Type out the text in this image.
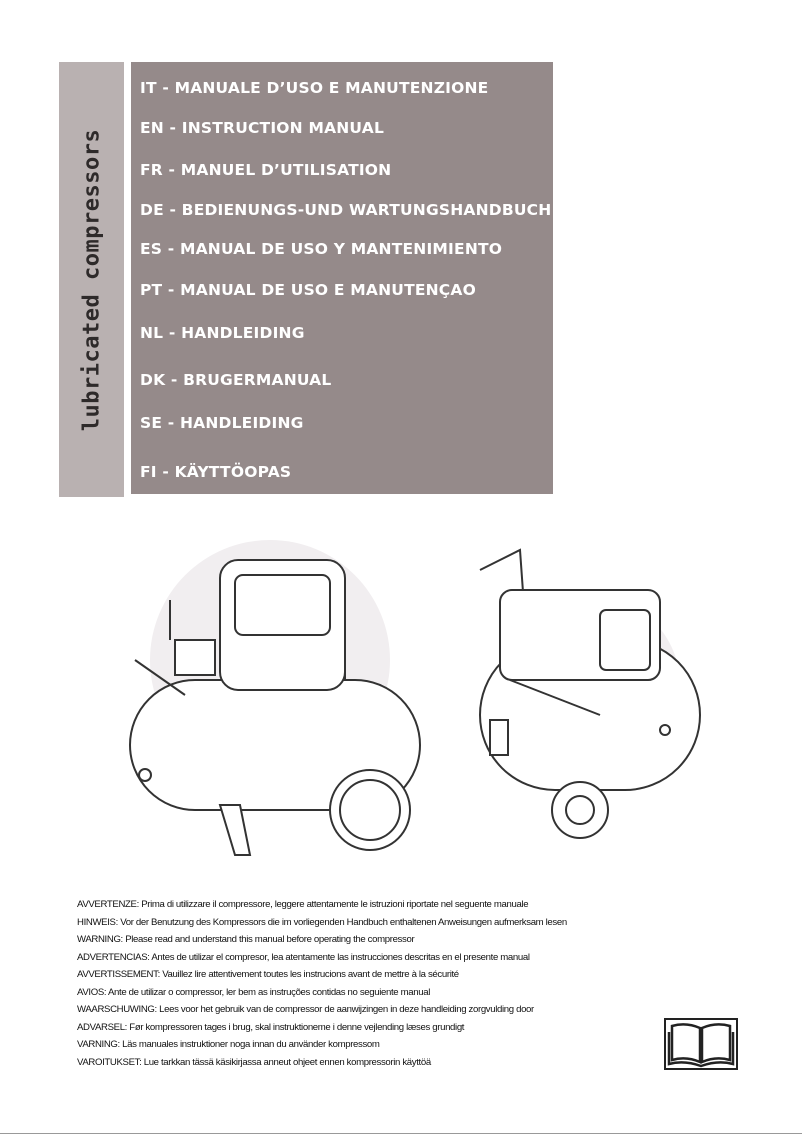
lubricated compressors
IT - MANUALE D’USO E MANUTENZIONE
EN - INSTRUCTION MANUAL
FR - MANUEL D’UTILISATION
DE - BEDIENUNGS-UND WARTUNGSHANDBUCH
ES - MANUAL DE USO Y MANTENIMIENTO
PT - MANUAL DE USO E MANUTENÇAO
NL - HANDLEIDING
DK - BRUGERMANUAL
SE - HANDLEIDING
FI - KÄYTTÖOPAS
AVVERTENZE: Prima di utilizzare il compressore, leggere attentamente le istruzioni riportate nel seguente manuale
HINWEIS: Vor der Benutzung des Kompressors die im vorliegenden Handbuch enthaltenen Anweisungen aufmerksam lesen
WARNING: Please read and understand this manual before operating the compressor
ADVERTENCIAS: Antes de utilizar el compresor, lea atentamente las instrucciones descritas en el presente manual
AVVERTISSEMENT: Vauillez lire attentivement toutes les instrucions avant de mettre à la sécurité
AVIOS: Ante de utilizar o compressor, ler bem as instruções contidas no seguiente manual
WAARSCHUWING: Lees voor het gebruik van de compressor de aanwijzingen in deze handleiding zorgvulding door
ADVARSEL: Før kompressoren tages i brug, skal instruktioneme i denne vejlending læses grundigt
VARNING: Läs manuales instruktioner noga innan du använder kompressom
VAROITUKSET: Lue tarkkan tässä käsikirjassa anneut ohjeet ennen kompressorin käyttöä
